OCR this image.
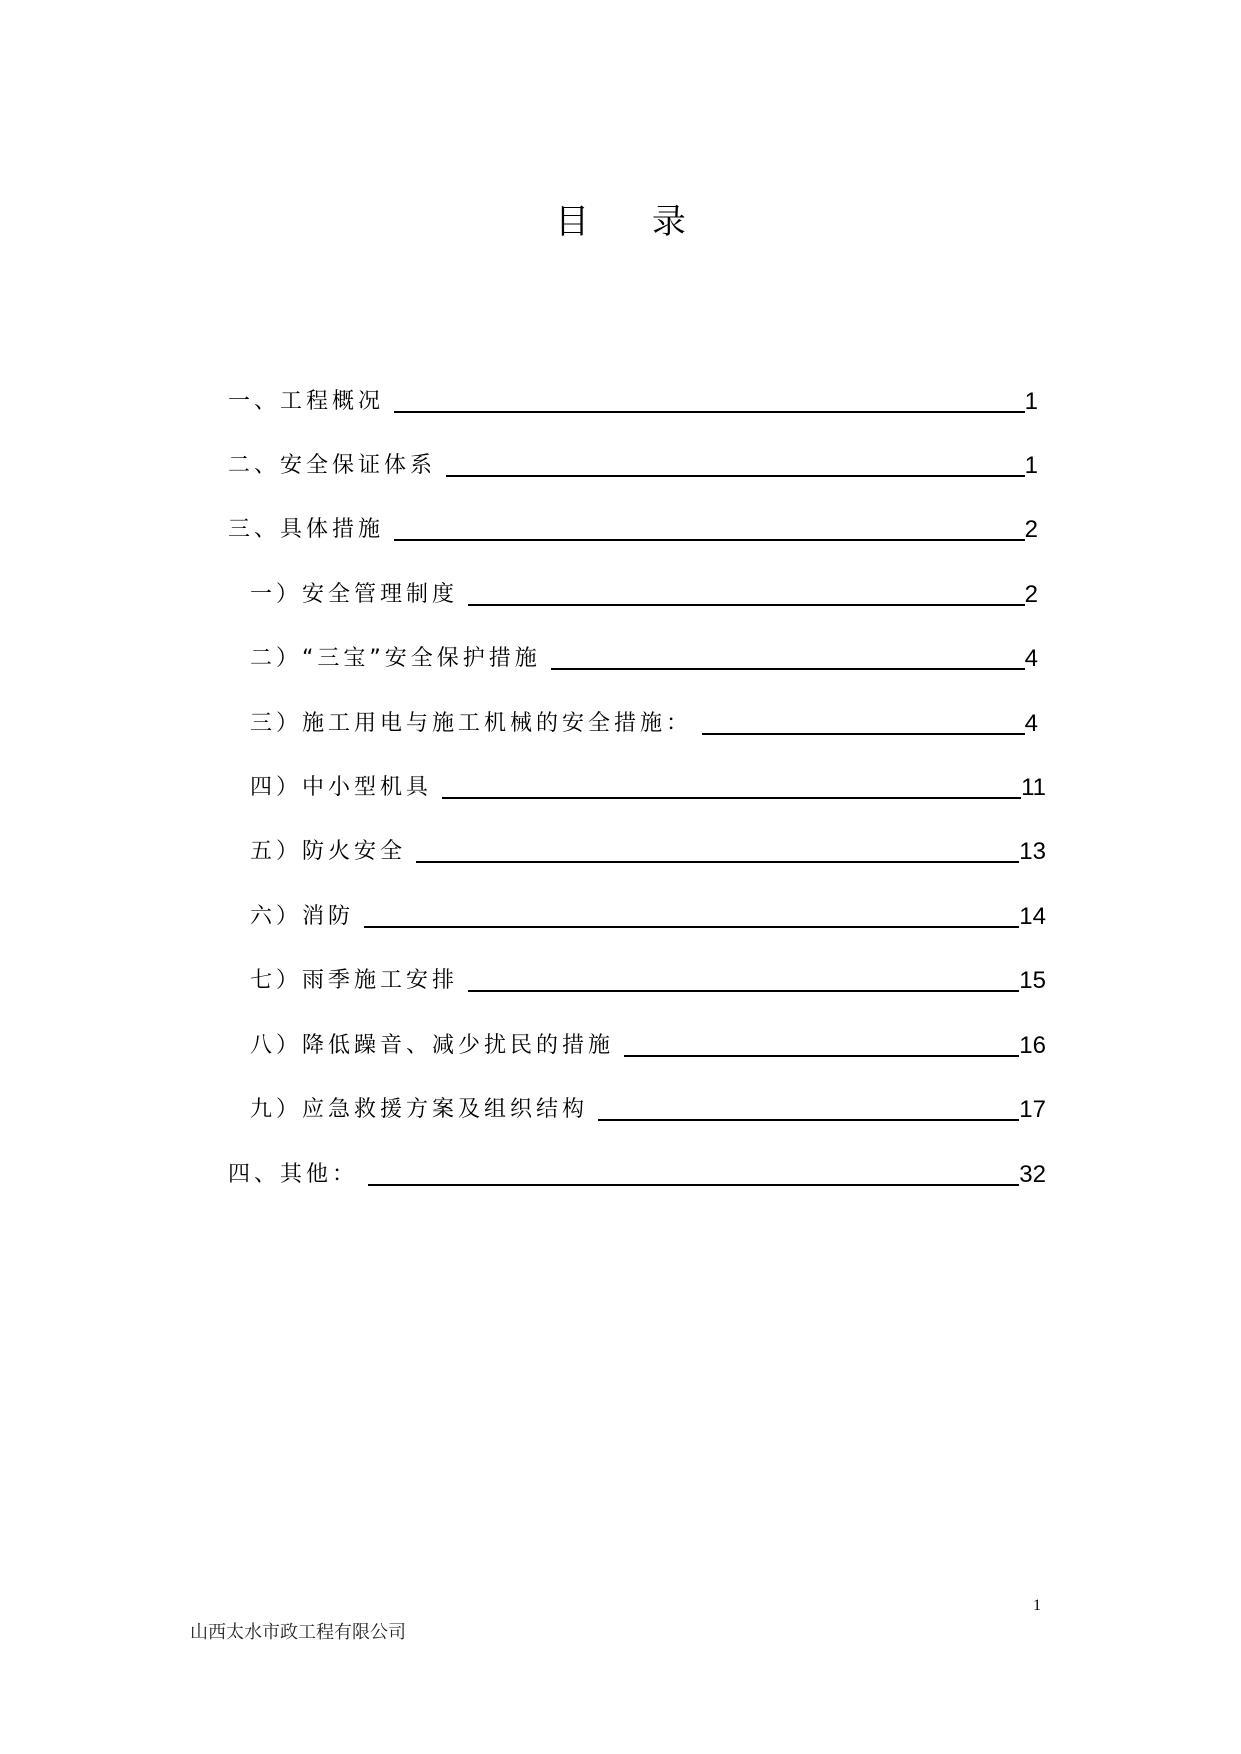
目 录
一、工程概况	1
二、安全保证体系	1
三、具体措施	2
一）安全管理制度	2
二）“三宝”安全保护措施	4
三）施工用电与施工机械的安全措施：	4
四）中小型机具	11
五）防火安全	13
六）消防	14
七）雨季施工安排	15
八）降低躁音、减少扰民的措施	16
九）应急救援方案及组织结构	17
四、其他：	32
1
山西太水市政工程有限公司
